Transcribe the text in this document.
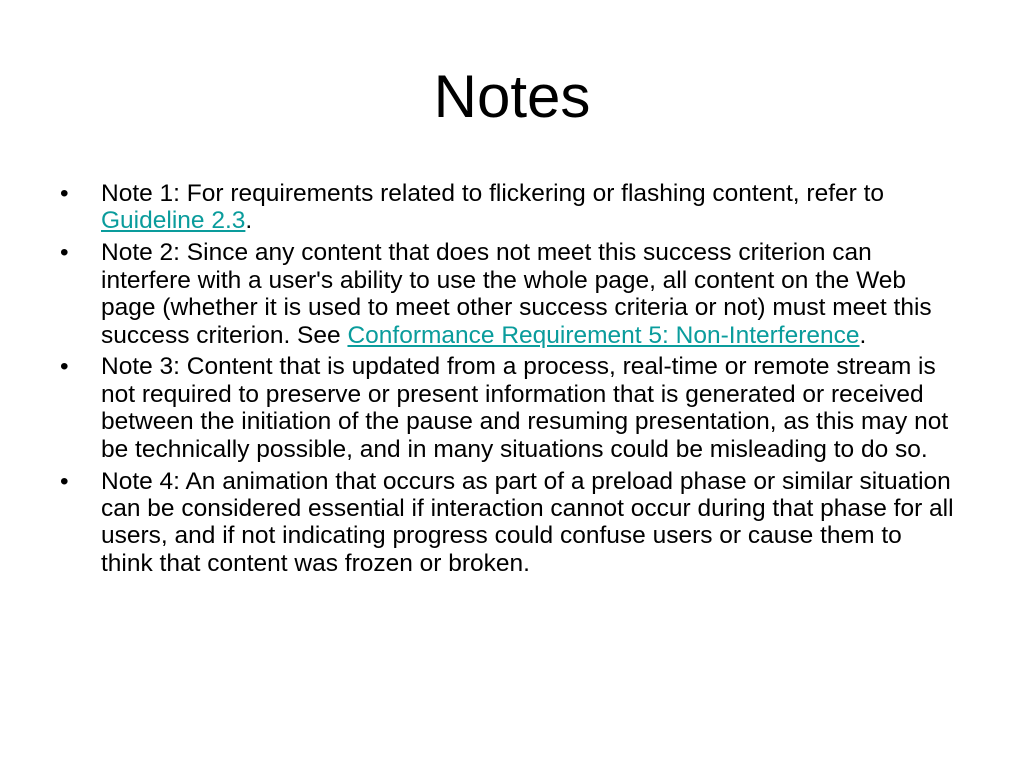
Notes
•	Note 1: For requirements related to flickering or flashing content, refer to Guideline 2.3.
•	Note 2: Since any content that does not meet this success criterion can interfere with a user's ability to use the whole page, all content on the Web page (whether it is used to meet other success criteria or not) must meet this success criterion. See Conformance Requirement 5: Non-Interference.
•	Note 3: Content that is updated from a process, real-time or remote stream is not required to preserve or present information that is generated or received between the initiation of the pause and resuming presentation, as this may not be technically possible, and in many situations could be misleading to do so.
•	Note 4: An animation that occurs as part of a preload phase or similar situation can be considered essential if interaction cannot occur during that phase for all users, and if not indicating progress could confuse users or cause them to think that content was frozen or broken.
